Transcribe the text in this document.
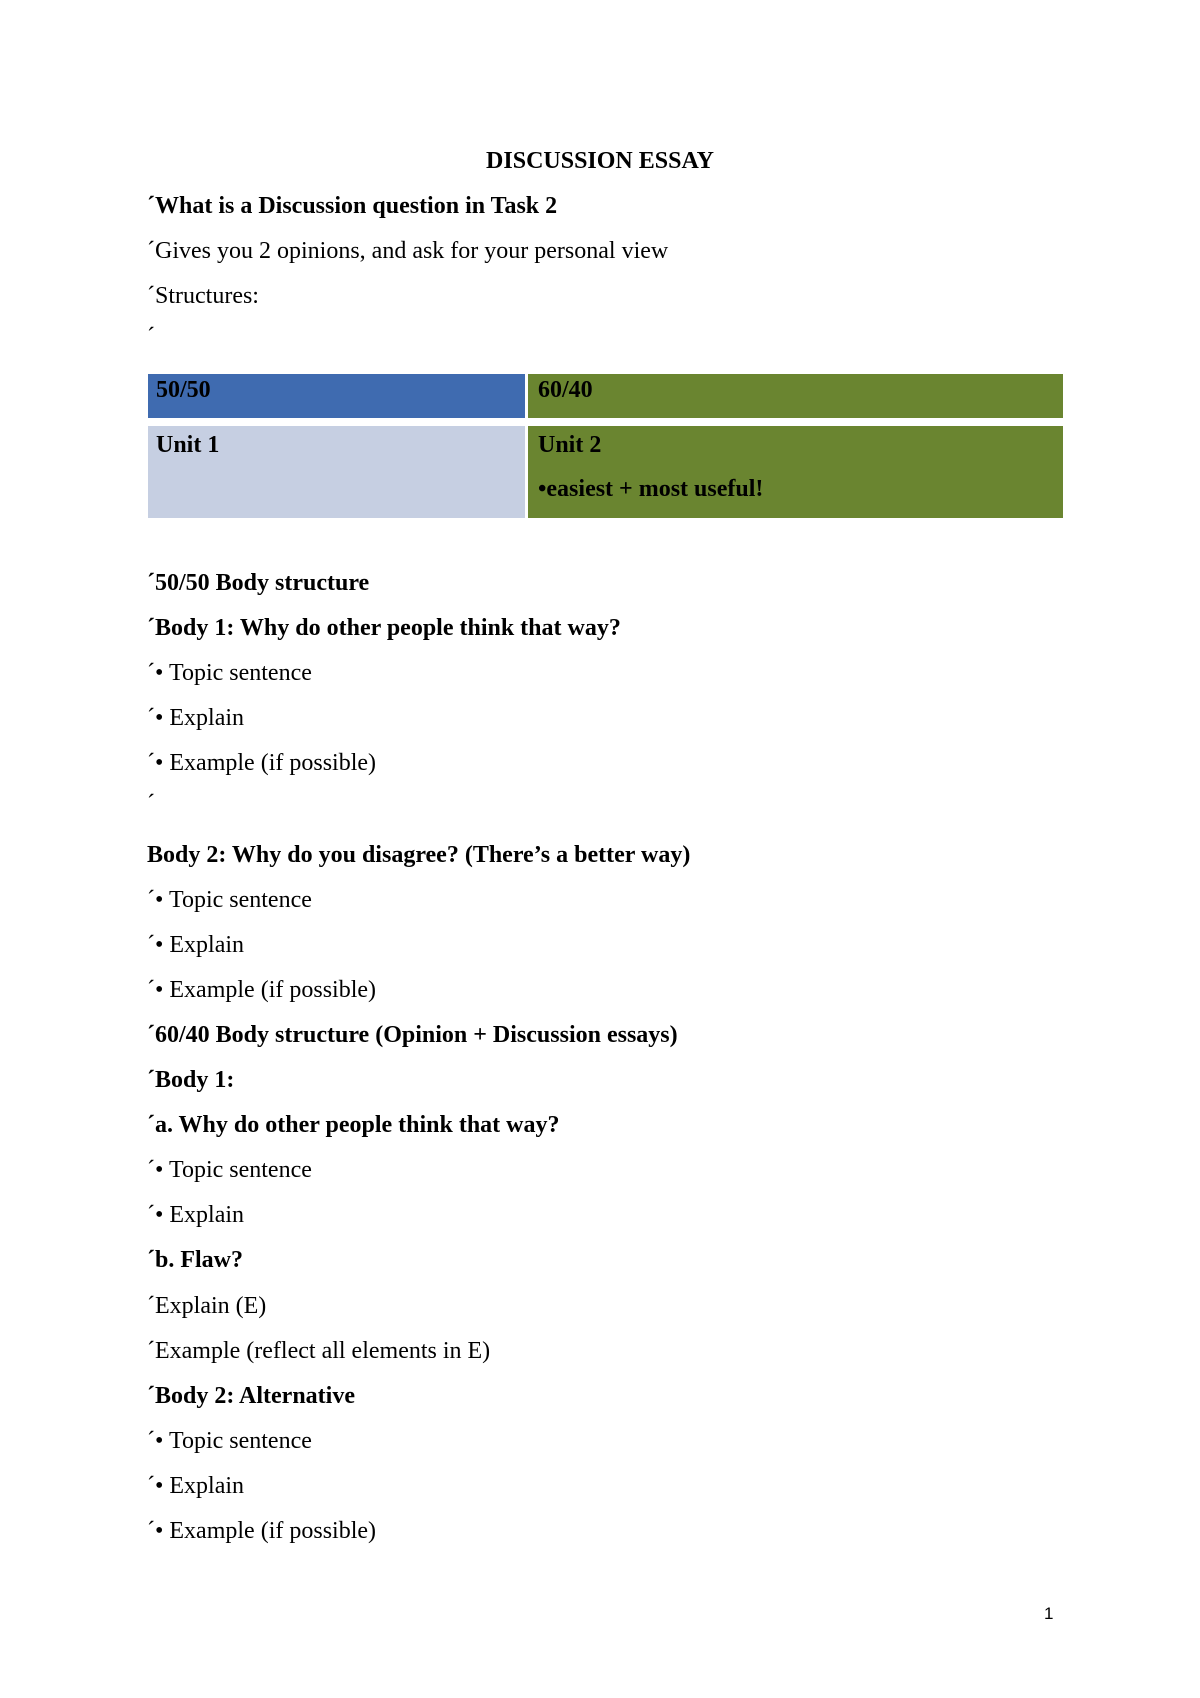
DISCUSSION ESSAY
´What is a Discussion question in Task 2
´Gives you 2 opinions, and ask for your personal view
´Structures:
´
50/50	60/40
Unit 1	Unit 2
•easiest + most useful!
´50/50 Body structure
´Body 1: Why do other people think that way?
´• Topic sentence
´• Explain
´• Example (if possible)
´
Body 2: Why do you disagree? (There’s a better way)
´• Topic sentence
´• Explain
´• Example (if possible)
´60/40 Body structure (Opinion + Discussion essays)
´Body 1:
´a. Why do other people think that way?
´• Topic sentence
´• Explain
´b. Flaw?
´Explain (E)
´Example (reflect all elements in E)
´Body 2: Alternative
´• Topic sentence
´• Explain
´• Example (if possible)
1
